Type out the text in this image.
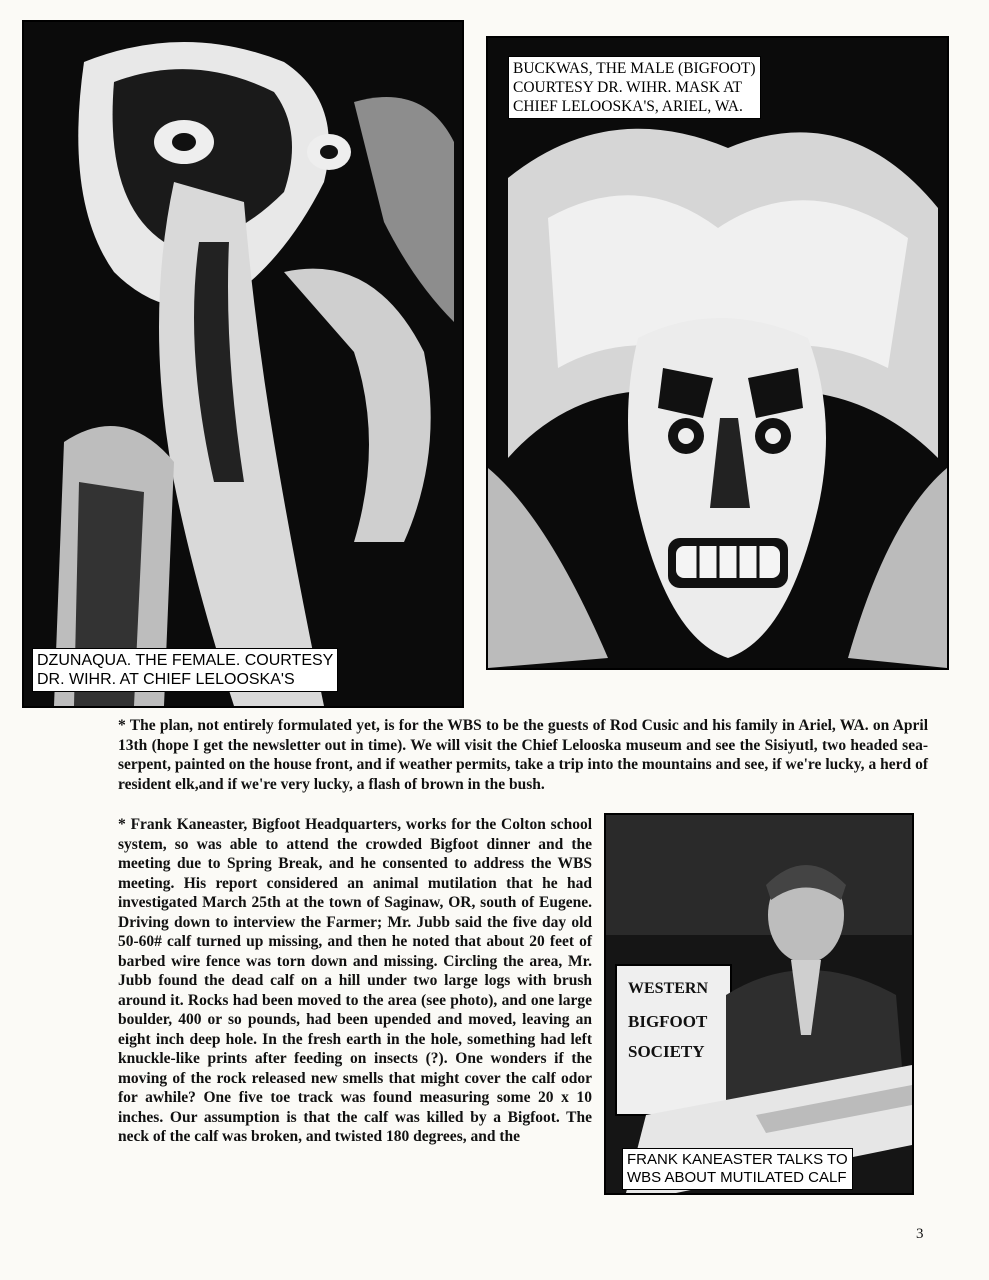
DZUNAQUA. THE FEMALE. COURTESY
DR. WIHR. AT CHIEF LELOOSKA'S
BUCKWAS, THE MALE (BIGFOOT)
COURTESY DR. WIHR. MASK AT
CHIEF LELOOSKA'S, ARIEL, WA.

* The plan, not entirely formulated yet, is for the WBS to be the guests of Rod Cusic and his family in Ariel, WA. on April 13th (hope I get the newsletter out in time). We will visit the Chief Lelooska museum and see the Sisiyutl, two headed sea-serpent, painted on the house front, and if weather permits, take a trip into the mountains and see, if we're lucky, a herd of resident elk,and if we're very lucky, a flash of brown in the bush.

* Frank Kaneaster, Bigfoot Headquarters, works for the Colton school system, so was able to attend the crowded Bigfoot dinner and the meeting due to Spring Break, and he consented to address the WBS meeting. His report considered an animal mutilation that he had investigated March 25th at the town of Saginaw, OR, south of Eugene. Driving down to interview the Farmer; Mr. Jubb said the five day old 50-60# calf turned up missing, and then he noted that about 20 feet of barbed wire fence was torn down and missing. Circling the area, Mr. Jubb found the dead calf on a hill under two large logs with brush around it. Rocks had been moved to the area (see photo), and one large boulder, 400 or so pounds, had been upended and moved, leaving an eight inch deep hole. In the fresh earth in the hole, something had left knuckle-like prints after feeding on insects (?). One wonders if the moving of the rock released new smells that might cover the calf odor for awhile? One five toe track was found measuring some 20 x 10 inches. Our assumption is that the calf was killed by a Bigfoot. The neck of the calf was broken, and twisted 180 degrees, and the

WESTERN
BIGFOOT
SOCIETY
FRANK KANEASTER TALKS TO
WBS ABOUT MUTILATED CALF
3
